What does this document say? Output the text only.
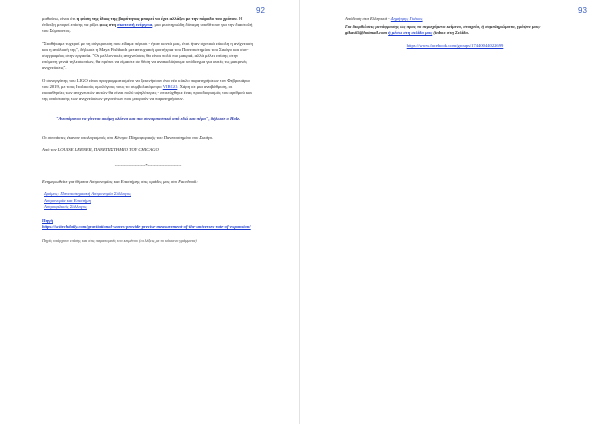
92

μαθαίνω, είναι ότι η φύση της ίδιας της βαρύτητας μπορεί να έχει αλλάξει με την πάροδο του χρόνου. Η ένδειξη μπορεί επίσης να ρίξει φως στη σκοτεινή ενέργεια, μια μυστηριώδη δύναμη υποθέτουν για την διαστολή του Σύμπαντος.

"Σταθήκαμε τυχεροί με τη σύγκρουση που είδαμε πέρυσι - ήταν κοντά μας, έτσι ήταν σχετικά εύκολη η ανίχνευση και η ανάλυσή της", δήλωσε η Maya Fishbach μεταπτυχιακή φοιτήτρια του Πανεπιστημίου του Σικάγο και συν-συγγραφέας στην εργασία. "Οι μελλοντικές ανιχνεύσεις θα είναι πολύ πιο μακριά, αλλά μέλει επίσης στην επόμενη γενιά τηλεσκοπίων, θα πρέπει να είμαστε σε θέση να ανακαλύψουμε υπόδειγμα για αυτές τις μακρινές ανιχνεύσεις".

Ο συνεργάτης του LIGO είναι προγραμματισμένο να ξεκινήσουν ένα νέο κύκλο παρατηρήσεων τον Φεβρουάριο του 2019, με τους Ιταλικούς ομολόγους τους το συμβολαιόμετρο VIRGO. Χάρη σε μια αναβάθμιση, οι ευαισθησίες των ανιχνευτών αυτών θα είναι πολύ υψηλότερες - επιτεύχθηκε ένας προσδιορισμός του αριθμού και της απόστασης των ανιχνεύσεων γεγονότων που μπορούν να παρατηρήσουν.

"Ανυπόμονοι να γίνεται ακόμη ολόενα και πιο συναρπαστικό από εδώ και πέρα", δήλωσε ο Holz.

Οι συντάκτες έκαναν υπολογισμούς στο Κέντρο Πληροφορικής του Πανεπιστημίου του Σικάγο.

Από τον LOUISE LERNER, ΠΑΝΕΠΙΣΤΗΜΙΟ ΤΟΥ CHICAGO

--------------------*----------------------

Ενημερωθείτε για θέματα Αστρονομίας και Επιστήμης στις ομάδες μας στο Facebook:

Δρόμος: Πανεπιστημιακή Αστρονομία Σύλλογος
Αστρονομία και Επιστήμη
Αστροφιλικός Σύλλογος

Πηγή
https://scitechdaily.com/gravitational-waves-provide-precise-measurement-of-the-universes-rate-of-expansion/

Πηγές υπάρχουν επίσης και στις παραπομπές του κειμένου (οι λέξεις με το κόκκινο γράμματα)

93

Απόδοση στα Ελληνικά - Δημήτρης Γκέκας

Για διορθώσεις μετάφρασης ως προς το περιεχόμενο κείμενο, στοιχεία, ή συμπληρώματα, γράψτε μας: gikas65@hotmail.com ή μέσω στη σελίδα μας (inbox στη Σελίδα.

https://www.facebook.com/groups/17440044022699
